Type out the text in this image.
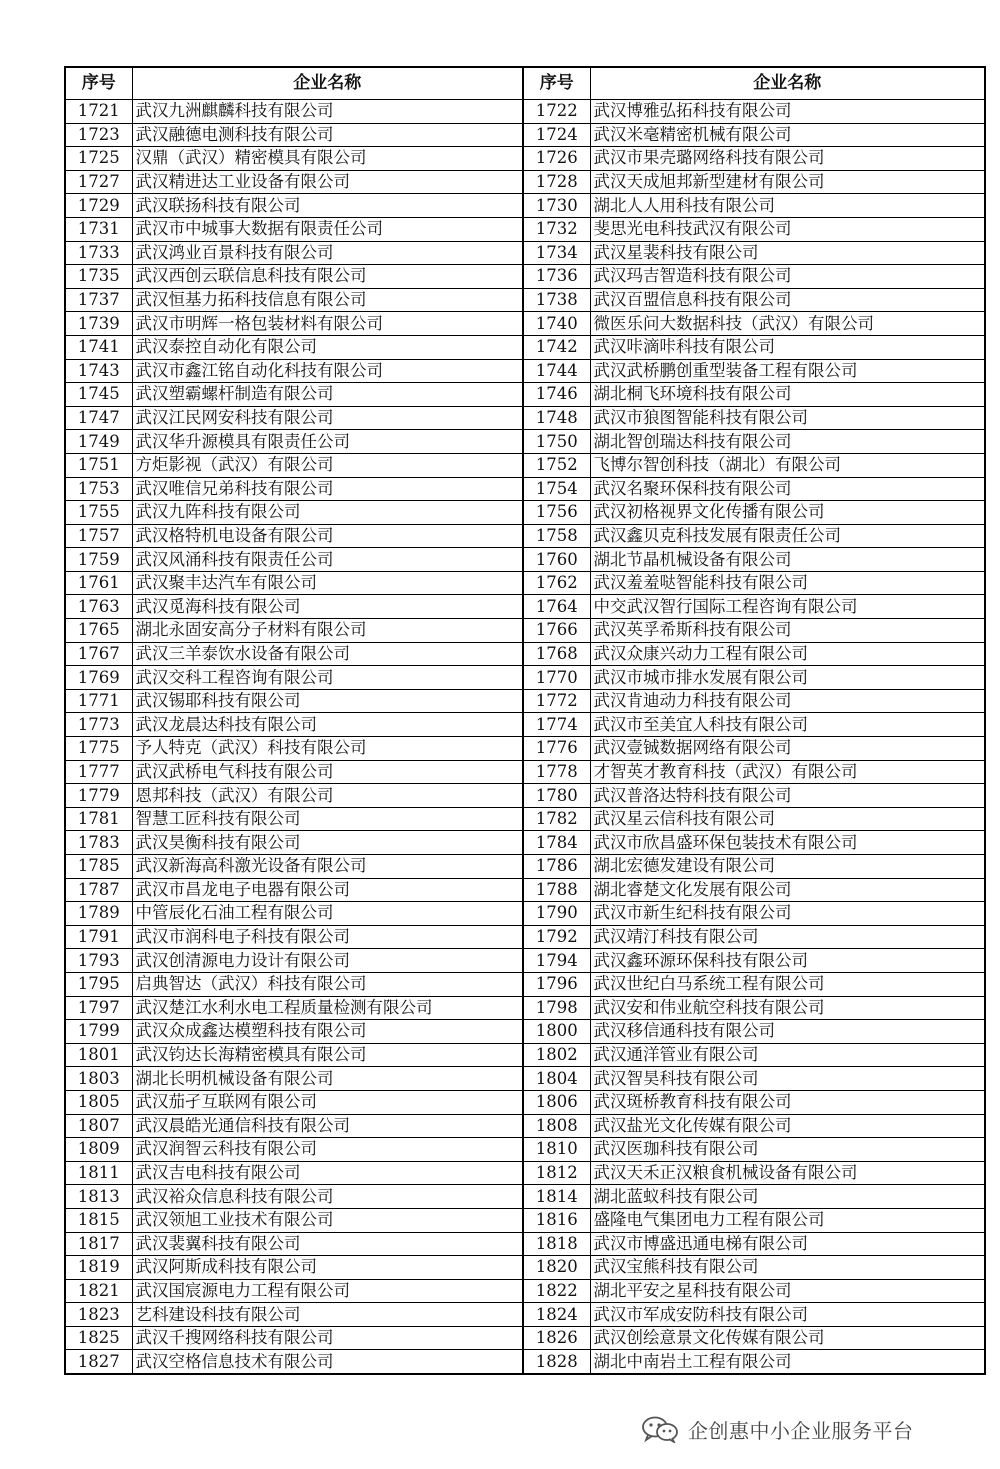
序号	企业名称	序号	企业名称
1721	武汉九洲麒麟科技有限公司	1722	武汉博雅弘拓科技有限公司
1723	武汉融德电测科技有限公司	1724	武汉米毫精密机械有限公司
1725	汉鼎（武汉）精密模具有限公司	1726	武汉市果壳璐网络科技有限公司
1727	武汉精进达工业设备有限公司	1728	武汉天成旭邦新型建材有限公司
1729	武汉联扬科技有限公司	1730	湖北人人用科技有限公司
1731	武汉市中城事大数据有限责任公司	1732	斐思光电科技武汉有限公司
1733	武汉鸿业百景科技有限公司	1734	武汉星裴科技有限公司
1735	武汉西创云联信息科技有限公司	1736	武汉玛吉智造科技有限公司
1737	武汉恒基力拓科技信息有限公司	1738	武汉百盟信息科技有限公司
1739	武汉市明辉一格包装材料有限公司	1740	微医乐问大数据科技（武汉）有限公司
1741	武汉泰控自动化有限公司	1742	武汉咔滴咔科技有限公司
1743	武汉市鑫江铭自动化科技有限公司	1744	武汉武桥鹏创重型装备工程有限公司
1745	武汉塑霸螺杆制造有限公司	1746	湖北桐飞环境科技有限公司
1747	武汉江民网安科技有限公司	1748	武汉市狼图智能科技有限公司
1749	武汉华升源模具有限责任公司	1750	湖北智创瑞达科技有限公司
1751	方炬影视（武汉）有限公司	1752	飞博尔智创科技（湖北）有限公司
1753	武汉唯信兄弟科技有限公司	1754	武汉名聚环保科技有限公司
1755	武汉九阵科技有限公司	1756	武汉初格视界文化传播有限公司
1757	武汉格特机电设备有限公司	1758	武汉鑫贝克科技发展有限责任公司
1759	武汉风涌科技有限责任公司	1760	湖北节晶机械设备有限公司
1761	武汉聚丰达汽车有限公司	1762	武汉羞羞哒智能科技有限公司
1763	武汉觅海科技有限公司	1764	中交武汉智行国际工程咨询有限公司
1765	湖北永固安高分子材料有限公司	1766	武汉英孚希斯科技有限公司
1767	武汉三羊泰饮水设备有限公司	1768	武汉众康兴动力工程有限公司
1769	武汉交科工程咨询有限公司	1770	武汉市城市排水发展有限公司
1771	武汉锡耶科技有限公司	1772	武汉肯迪动力科技有限公司
1773	武汉龙晨达科技有限公司	1774	武汉市至美宜人科技有限公司
1775	予人特克（武汉）科技有限公司	1776	武汉壹铖数据网络有限公司
1777	武汉武桥电气科技有限公司	1778	才智英才教育科技（武汉）有限公司
1779	恩邦科技（武汉）有限公司	1780	武汉普洛达特科技有限公司
1781	智慧工匠科技有限公司	1782	武汉星云信科技有限公司
1783	武汉昊衡科技有限公司	1784	武汉市欣昌盛环保包装技术有限公司
1785	武汉新海高科激光设备有限公司	1786	湖北宏德发建设有限公司
1787	武汉市昌龙电子电器有限公司	1788	湖北睿楚文化发展有限公司
1789	中管辰化石油工程有限公司	1790	武汉市新生纪科技有限公司
1791	武汉市润科电子科技有限公司	1792	武汉靖汀科技有限公司
1793	武汉创清源电力设计有限公司	1794	武汉鑫环源环保科技有限公司
1795	启典智达（武汉）科技有限公司	1796	武汉世纪白马系统工程有限公司
1797	武汉楚江水利水电工程质量检测有限公司	1798	武汉安和伟业航空科技有限公司
1799	武汉众成鑫达模塑科技有限公司	1800	武汉移信通科技有限公司
1801	武汉钧达长海精密模具有限公司	1802	武汉通洋管业有限公司
1803	湖北长明机械设备有限公司	1804	武汉智昊科技有限公司
1805	武汉茄孑互联网有限公司	1806	武汉斑桥教育科技有限公司
1807	武汉晨皓光通信科技有限公司	1808	武汉盐光文化传媒有限公司
1809	武汉润智云科技有限公司	1810	武汉医珈科技有限公司
1811	武汉吉电科技有限公司	1812	武汉天禾正汉粮食机械设备有限公司
1813	武汉裕众信息科技有限公司	1814	湖北蓝蚁科技有限公司
1815	武汉领旭工业技术有限公司	1816	盛隆电气集团电力工程有限公司
1817	武汉裴翼科技有限公司	1818	武汉市博盛迅通电梯有限公司
1819	武汉阿斯成科技有限公司	1820	武汉宝熊科技有限公司
1821	武汉国宸源电力工程有限公司	1822	湖北平安之星科技有限公司
1823	艺科建设科技有限公司	1824	武汉市军成安防科技有限公司
1825	武汉千搜网络科技有限公司	1826	武汉创绘意景文化传媒有限公司
1827	武汉空格信息技术有限公司	1828	湖北中南岩土工程有限公司
企创惠中小企业服务平台
